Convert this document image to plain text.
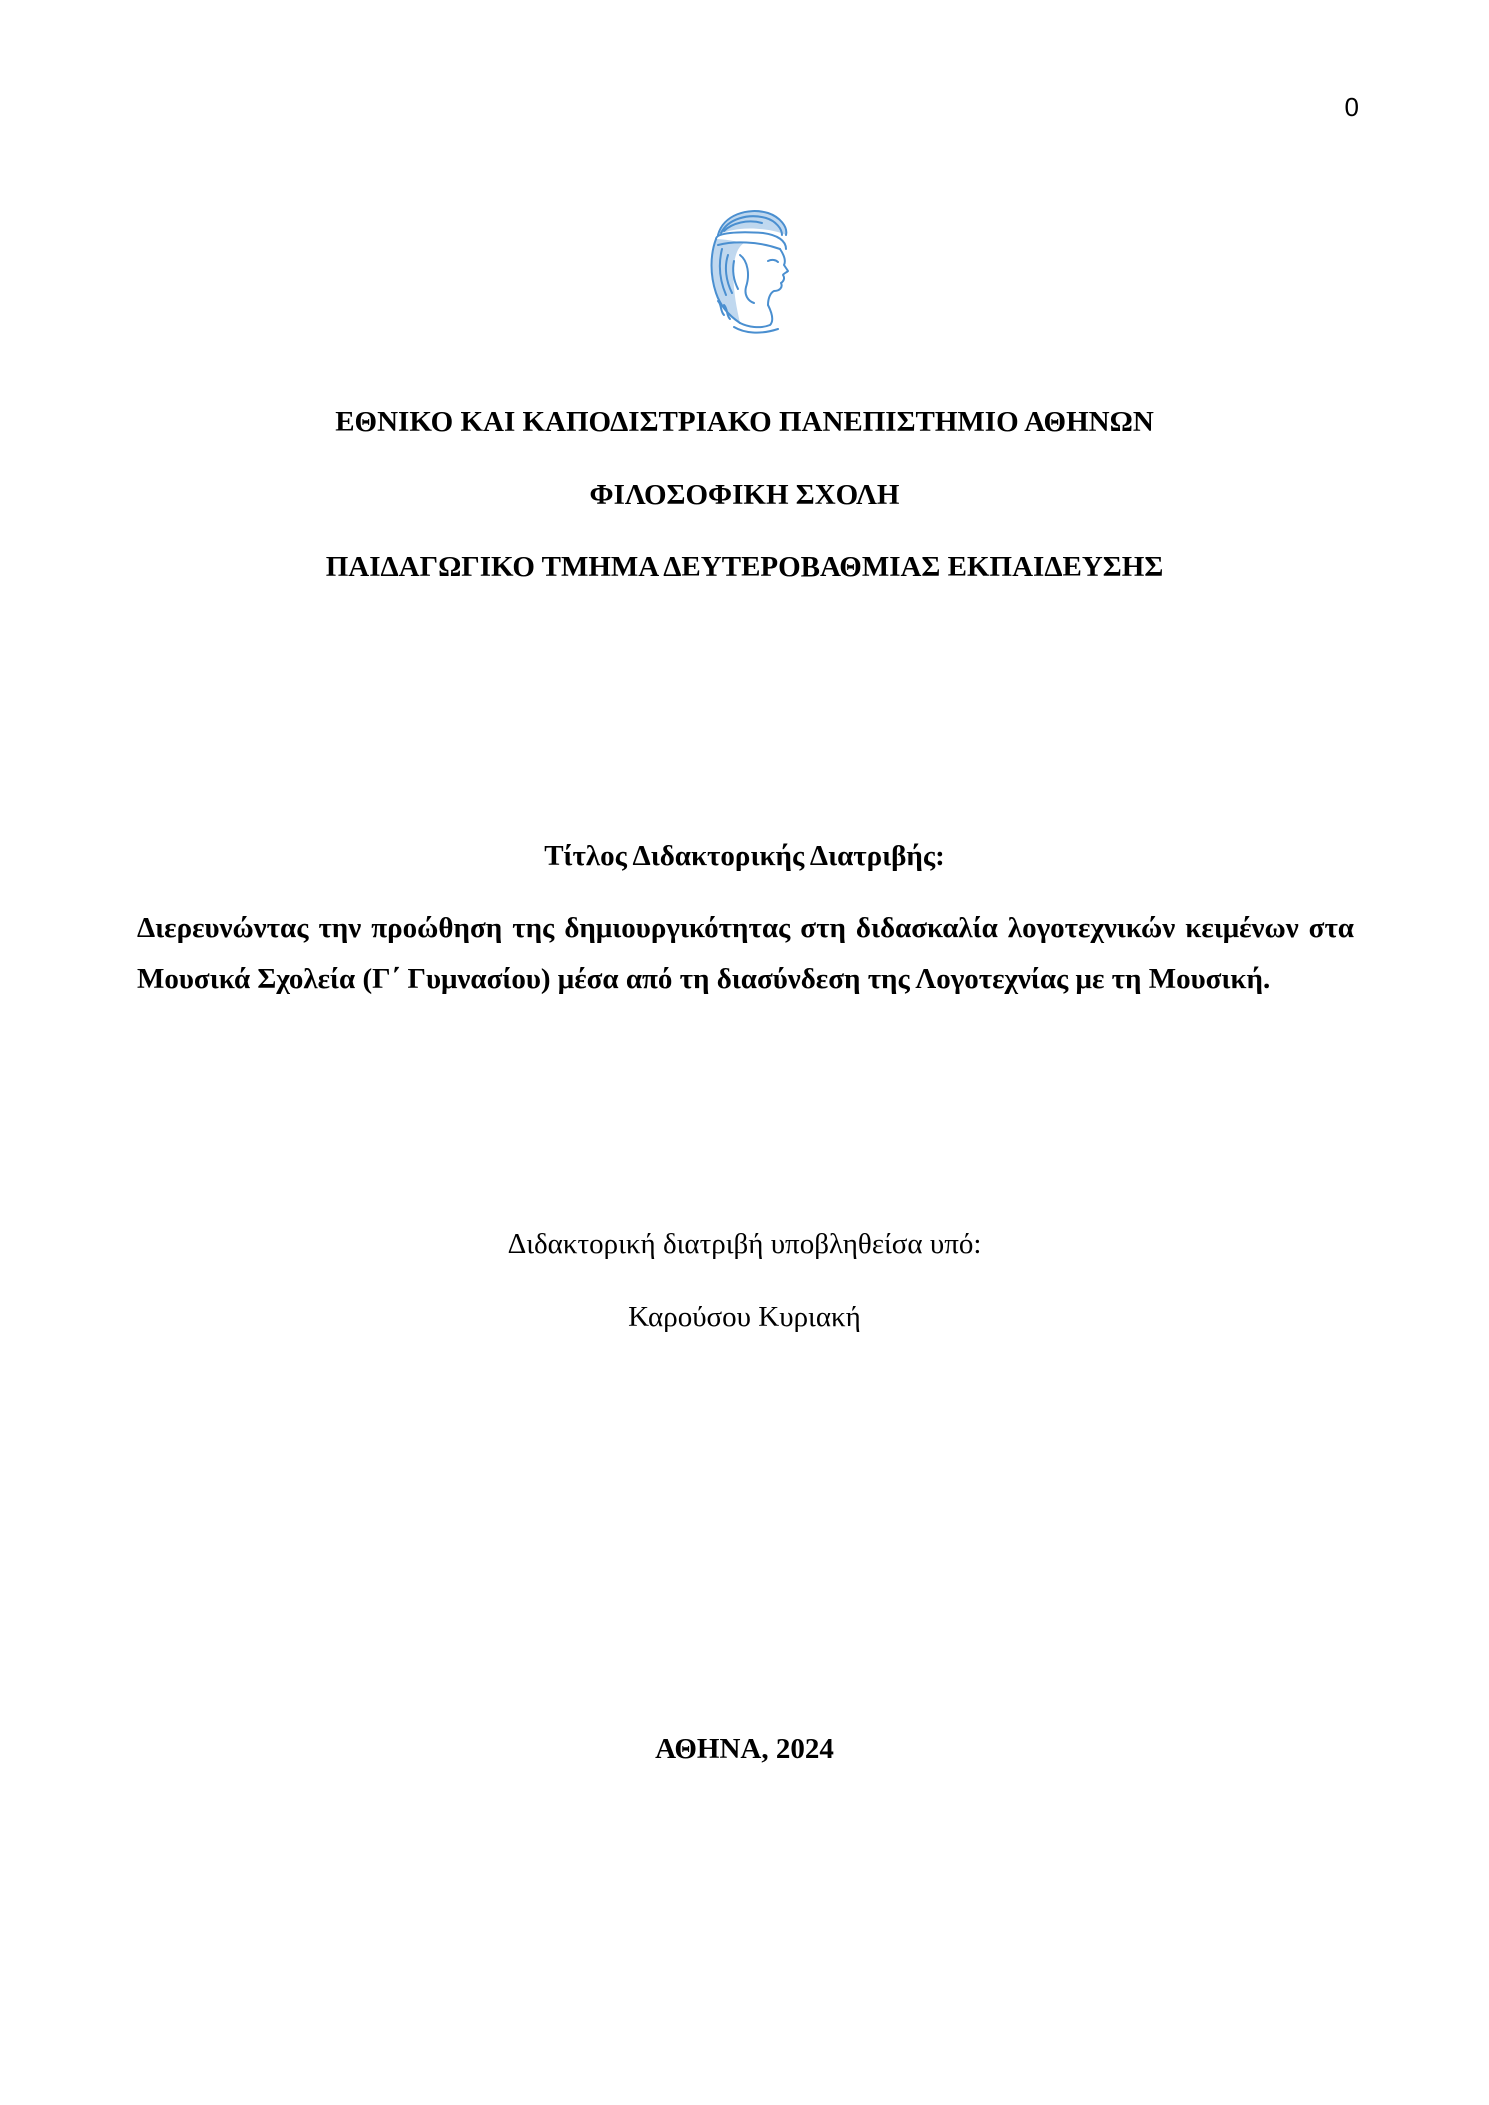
0
ΕΘΝΙΚΟ ΚΑΙ ΚΑΠΟΔΙΣΤΡΙΑΚΟ ΠΑΝΕΠΙΣΤΗΜΙΟ ΑΘΗΝΩΝ
ΦΙΛΟΣΟΦΙΚΗ ΣΧΟΛΗ
ΠΑΙΔΑΓΩΓΙΚΟ ΤΜΗΜΑ ΔΕΥΤΕΡΟΒΑΘΜΙΑΣ ΕΚΠΑΙΔΕΥΣΗΣ
Τίτλος Διδακτορικής Διατριβής:
Διερευνώντας την προώθηση της δημιουργικότητας στη διδασκαλία λογοτεχνικών κειμένων στα Μουσικά Σχολεία (Γ΄ Γυμνασίου) μέσα από τη διασύνδεση της Λογοτεχνίας με τη Μουσική.
Διδακτορική διατριβή υποβληθείσα υπό:
Καρούσου Κυριακή
ΑΘΗΝΑ, 2024
